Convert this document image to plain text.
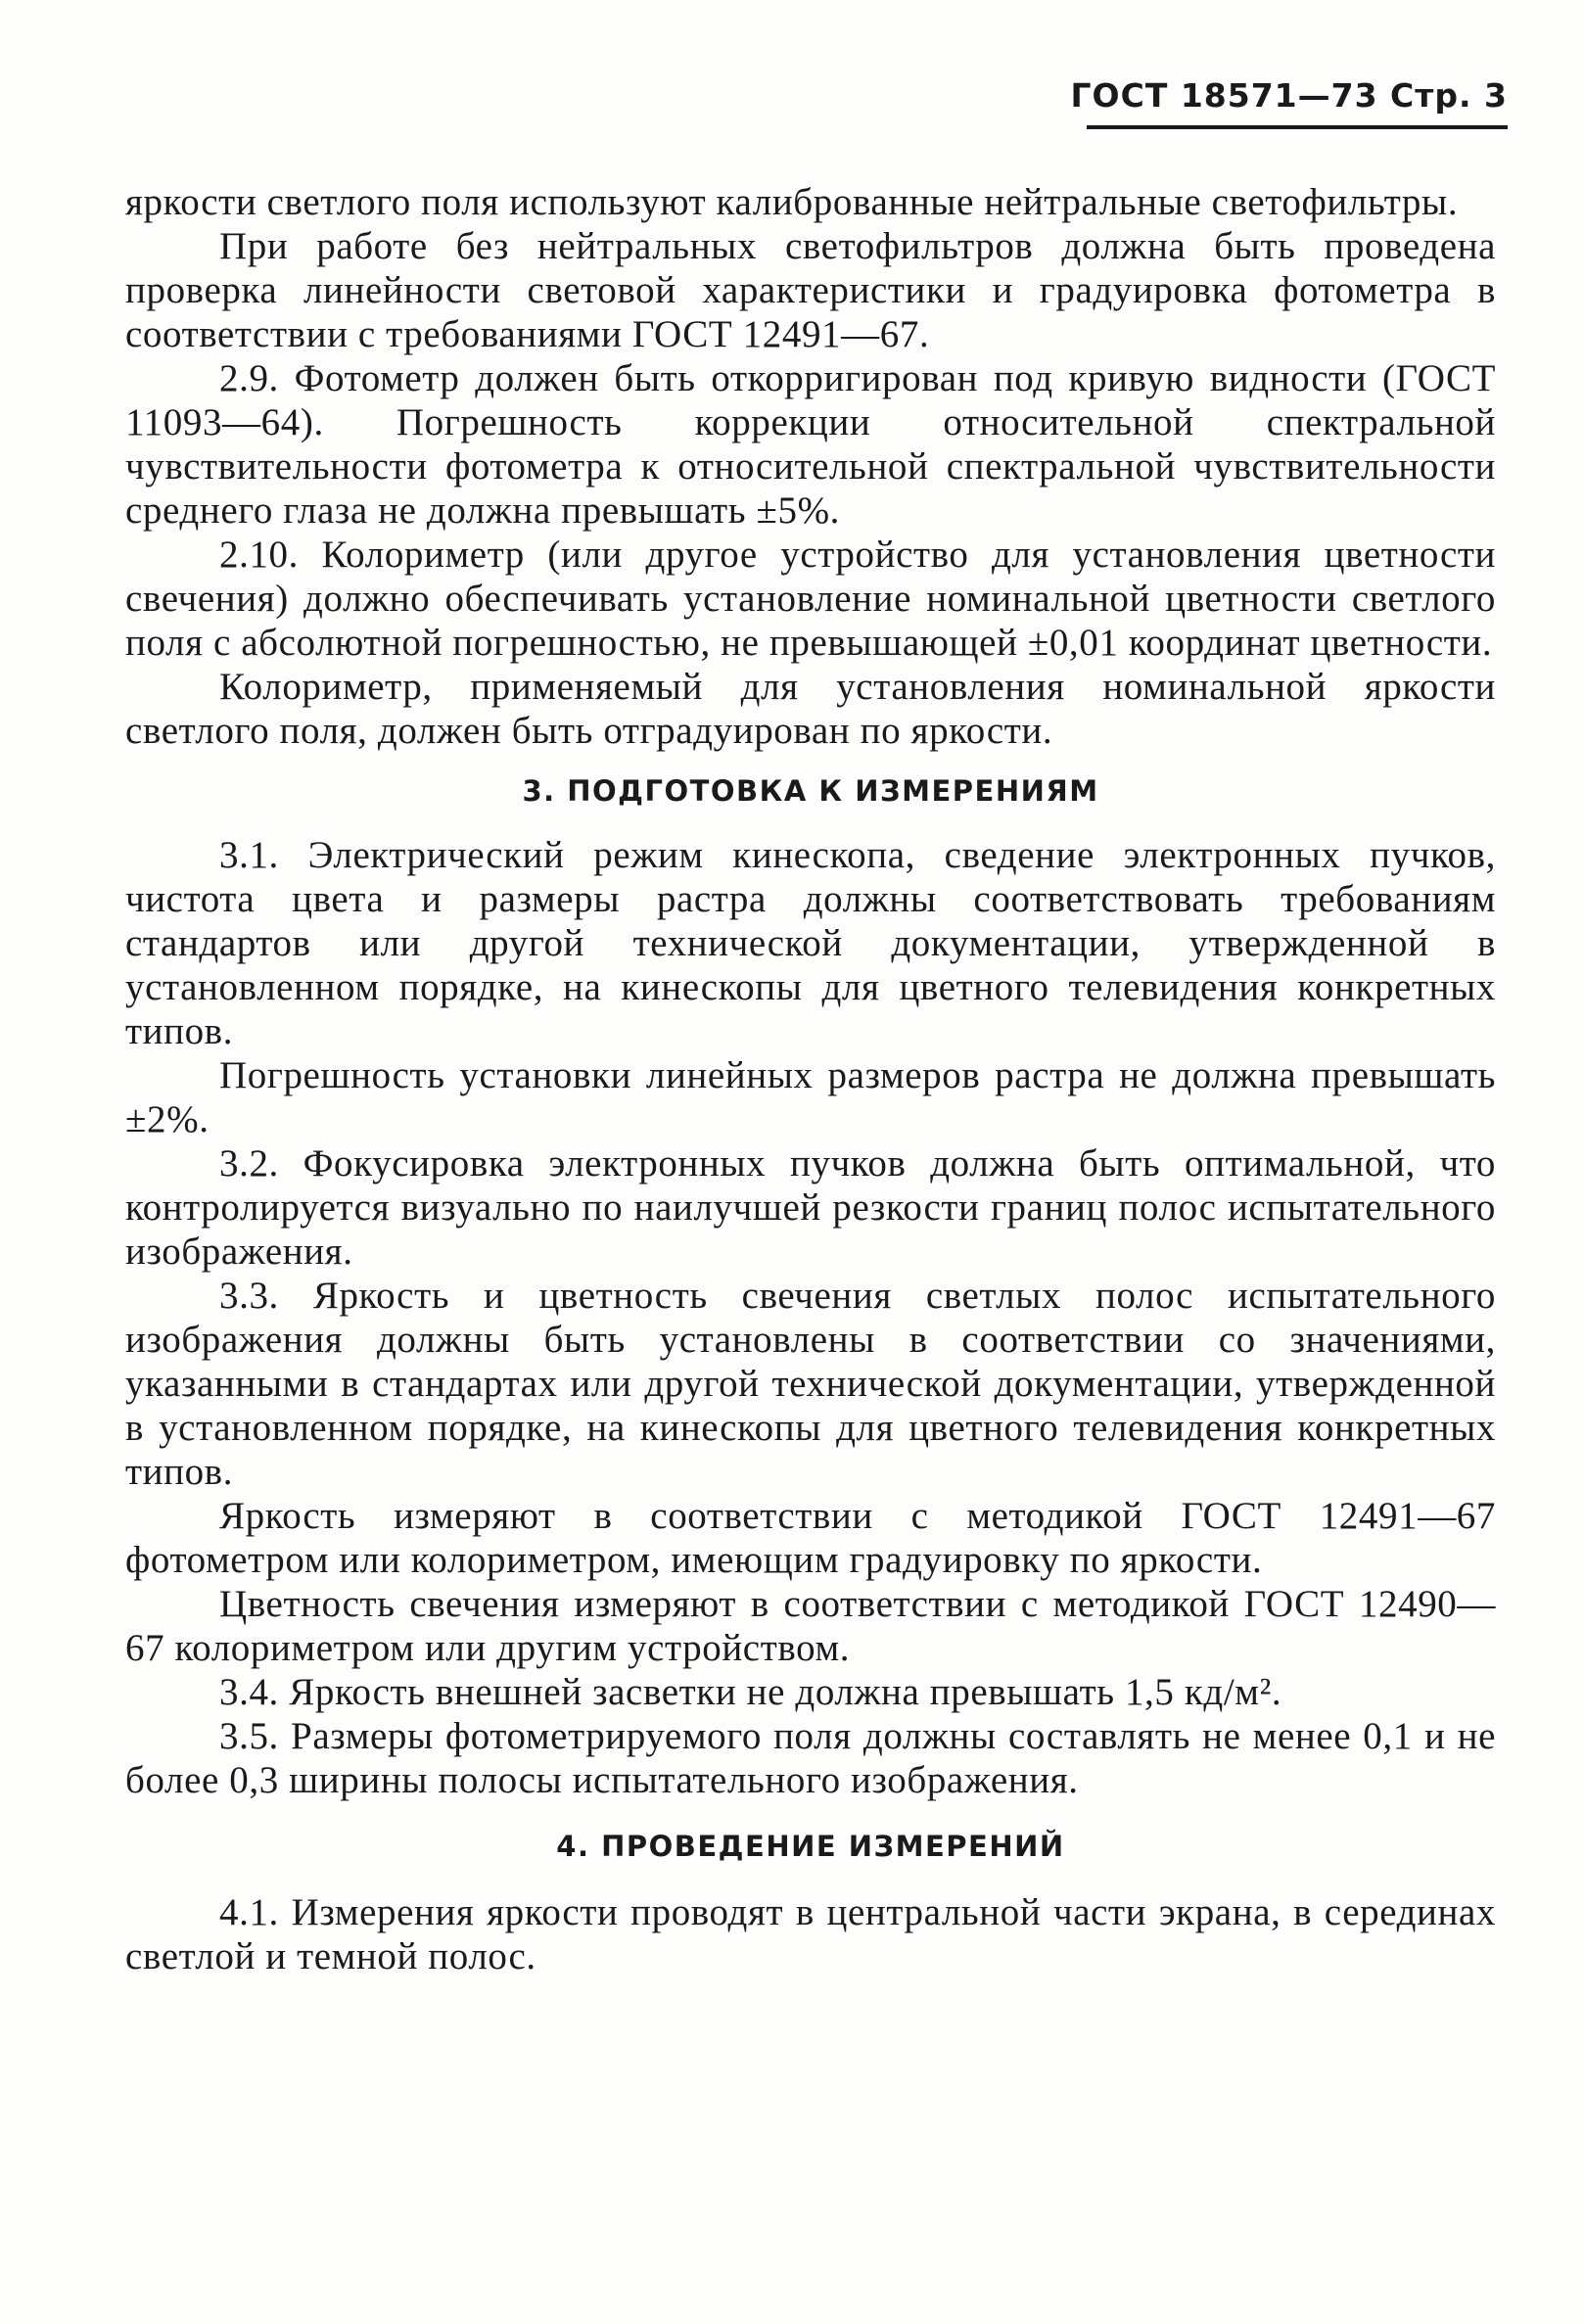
ГОСТ 18571—73 Стр. 3

яркости светлого поля используют калиброванные нейтральные светофильтры.

При работе без нейтральных светофильтров должна быть проведена проверка линейности световой характеристики и градуировка фотометра в соответствии с требованиями ГОСТ 12491—67.

2.9. Фотометр должен быть откорригирован под кривую видности (ГОСТ 11093—64). Погрешность коррекции относительной спектральной чувствительности фотометра к относительной спектральной чувствительности среднего глаза не должна превышать ±5%.

2.10. Колориметр (или другое устройство для установления цветности свечения) должно обеспечивать установление номинальной цветности светлого поля с абсолютной погрешностью, не превышающей ±0,01 координат цветности.

Колориметр, применяемый для установления номинальной яркости светлого поля, должен быть отградуирован по яркости.

3. ПОДГОТОВКА К ИЗМЕРЕНИЯМ

3.1. Электрический режим кинескопа, сведение электронных пучков, чистота цвета и размеры растра должны соответствовать требованиям стандартов или другой технической документации, утвержденной в установленном порядке, на кинескопы для цветного телевидения конкретных типов.

Погрешность установки линейных размеров растра не должна превышать ±2%.

3.2. Фокусировка электронных пучков должна быть оптимальной, что контролируется визуально по наилучшей резкости границ полос испытательного изображения.

3.3. Яркость и цветность свечения светлых полос испытательного изображения должны быть установлены в соответствии со значениями, указанными в стандартах или другой технической документации, утвержденной в установленном порядке, на кинескопы для цветного телевидения конкретных типов.

Яркость измеряют в соответствии с методикой ГОСТ 12491—67 фотометром или колориметром, имеющим градуировку по яркости.

Цветность свечения измеряют в соответствии с методикой ГОСТ 12490—67 колориметром или другим устройством.

3.4. Яркость внешней засветки не должна превышать 1,5 кд/м².

3.5. Размеры фотометрируемого поля должны составлять не менее 0,1 и не более 0,3 ширины полосы испытательного изображения.

4. ПРОВЕДЕНИЕ ИЗМЕРЕНИЙ

4.1. Измерения яркости проводят в центральной части экрана, в серединах светлой и темной полос.
